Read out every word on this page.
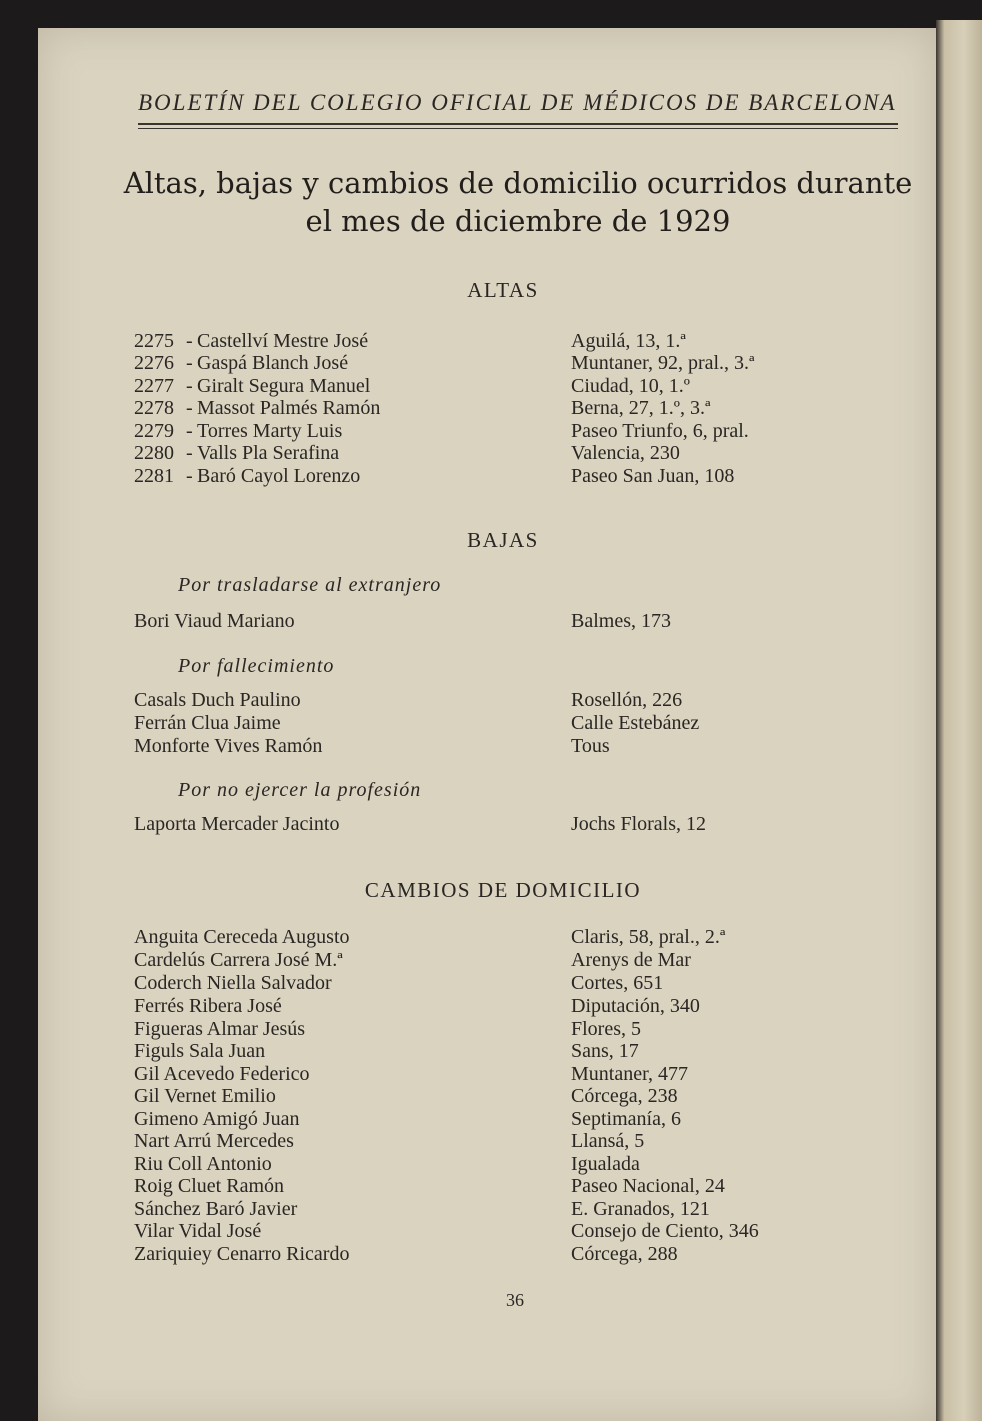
BOLETÍN DEL COLEGIO OFICIAL DE MÉDICOS DE BARCELONA
Altas, bajas y cambios de domicilio ocurridos durante
el mes de diciembre de 1929
ALTAS
2275 - Castellví Mestre José	Aguilá, 13, 1.ª
2276 - Gaspá Blanch José	Muntaner, 92, pral., 3.ª
2277 - Giralt Segura Manuel	Ciudad, 10, 1.º
2278 - Massot Palmés Ramón	Berna, 27, 1.º, 3.ª
2279 - Torres Marty Luis	Paseo Triunfo, 6, pral.
2280 - Valls Pla Serafina	Valencia, 230
2281 - Baró Cayol Lorenzo	Paseo San Juan, 108
BAJAS
Por trasladarse al extranjero
Bori Viaud Mariano	Balmes, 173
Por fallecimiento
Casals Duch Paulino	Rosellón, 226
Ferrán Clua Jaime	Calle Estebánez
Monforte Vives Ramón	Tous
Por no ejercer la profesión
Laporta Mercader Jacinto	Jochs Florals, 12
CAMBIOS DE DOMICILIO
Anguita Cereceda Augusto	Claris, 58, pral., 2.ª
Cardelús Carrera José M.ª	Arenys de Mar
Coderch Niella Salvador	Cortes, 651
Ferrés Ribera José	Diputación, 340
Figueras Almar Jesús	Flores, 5
Figuls Sala Juan	Sans, 17
Gil Acevedo Federico	Muntaner, 477
Gil Vernet Emilio	Córcega, 238
Gimeno Amigó Juan	Septimanía, 6
Nart Arrú Mercedes	Llansá, 5
Riu Coll Antonio	Igualada
Roig Cluet Ramón	Paseo Nacional, 24
Sánchez Baró Javier	E. Granados, 121
Vilar Vidal José	Consejo de Ciento, 346
Zariquiey Cenarro Ricardo	Córcega, 288
36
